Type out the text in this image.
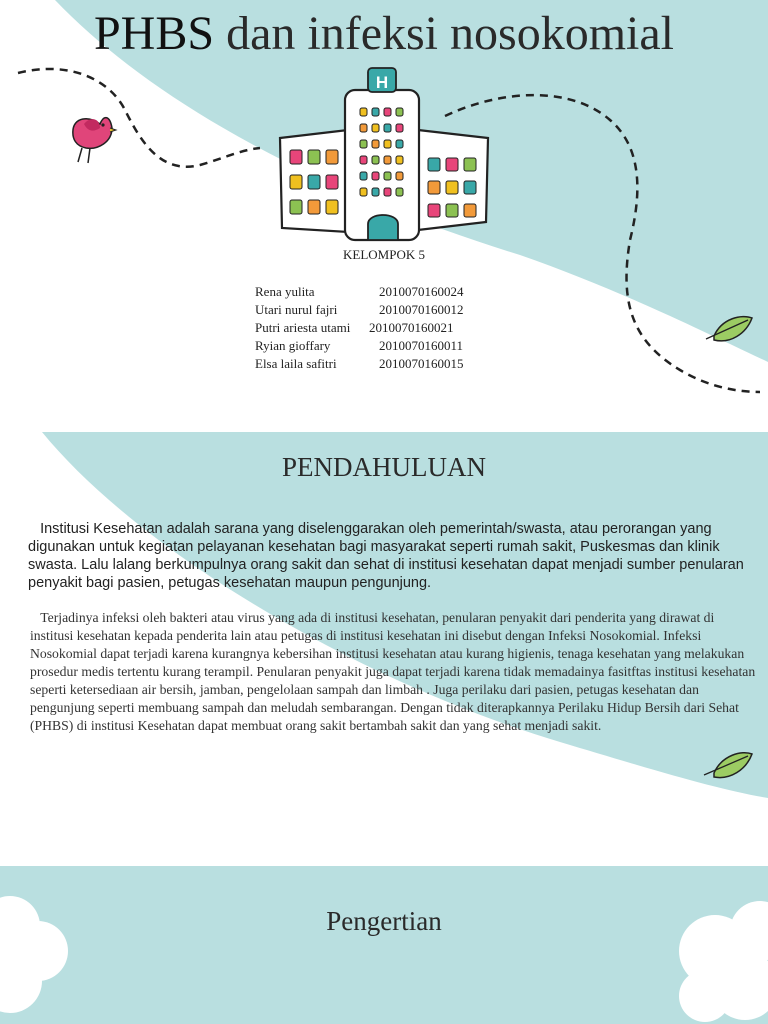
H
PHBS dan infeksi nosokomial
KELOMPOK 5
Rena yulita	2010070160024
Utari nurul fajri	2010070160012
Putri ariesta utami 2010070160021
Ryian gioffary	2010070160011
Elsa laila safitri	2010070160015
PENDAHULUAN

Institusi Kesehatan adalah sarana yang diselenggarakan oleh pemerintah/swasta, atau perorangan yang digunakan untuk kegiatan pelayanan kesehatan bagi masyarakat seperti rumah sakit, Puskesmas dan klinik swasta. Lalu lalang berkumpulnya orang sakit dan sehat di institusi kesehatan dapat menjadi sumber penularan penyakit bagi pasien, petugas kesehatan maupun pengunjung.

Terjadinya infeksi oleh bakteri atau virus yang ada di institusi kesehatan, penularan penyakit dari penderita yang dirawat di institusi kesehatan kepada penderita lain atau petugas di institusi kesehatan ini disebut dengan Infeksi Nosokomial. Infeksi Nosokomial dapat terjadi karena kurangnya kebersihan institusi kesehatan atau kurang higienis, tenaga kesehatan yang melakukan prosedur medis tertentu kurang terampil. Penularan penyakit juga dapat terjadi karena tidak memadainya fasitftas institusi kesehatan seperti ketersediaan air bersih, jamban, pengelolaan sampah dan limbah . Juga perilaku dari pasien, petugas kesehatan dan pengunjung seperti membuang sampah dan meludah sembarangan. Dengan tidak diterapkannya Perilaku Hidup Bersih dari Sehat (PHBS) di institusi Kesehatan dapat membuat orang sakit bertambah sakit dan yang sehat menjadi sakit.

Pengertian
